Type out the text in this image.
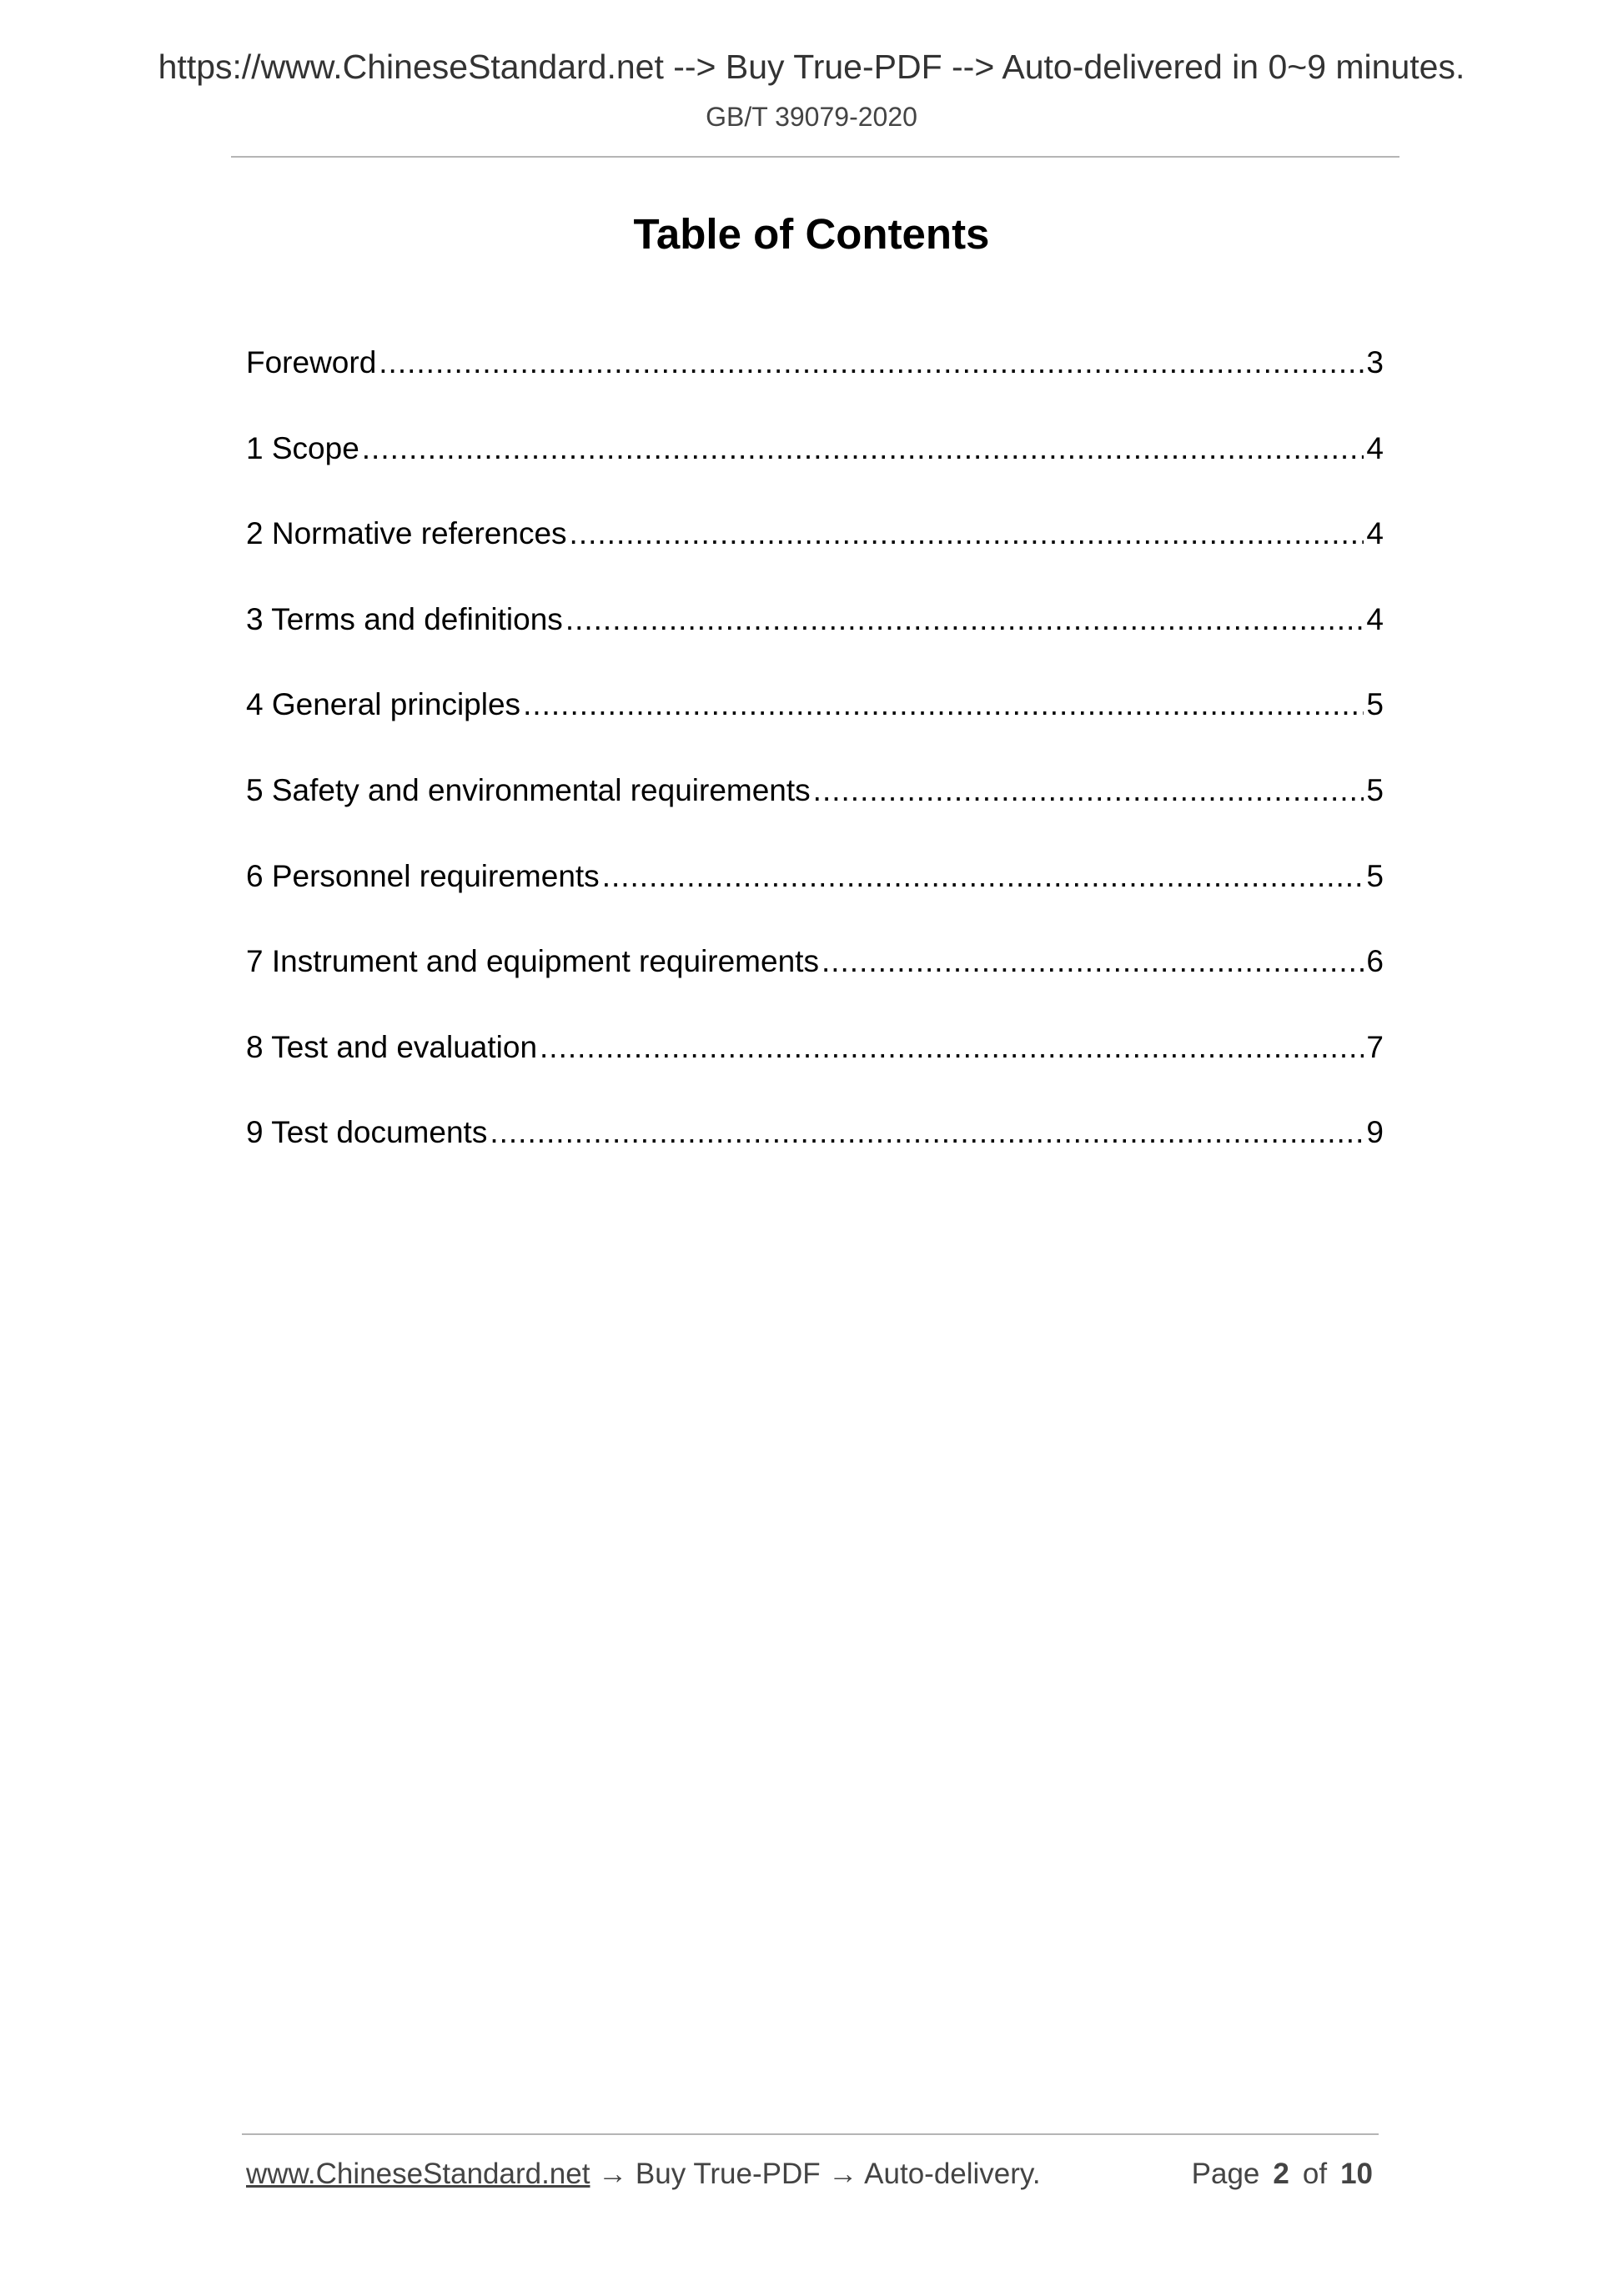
https://www.ChineseStandard.net --> Buy True-PDF --> Auto-delivered in 0~9 minutes.
GB/T 39079-2020
Table of Contents
Foreword .....	3
1 Scope .....	4
2 Normative references .....	4
3 Terms and definitions .....	4
4 General principles .....	5
5 Safety and environmental requirements .....	5
6 Personnel requirements .....	5
7 Instrument and equipment requirements .....	6
8 Test and evaluation .....	7
9 Test documents .....	9
www.ChineseStandard.net → Buy True-PDF → Auto-delivery.	Page 2 of 10
